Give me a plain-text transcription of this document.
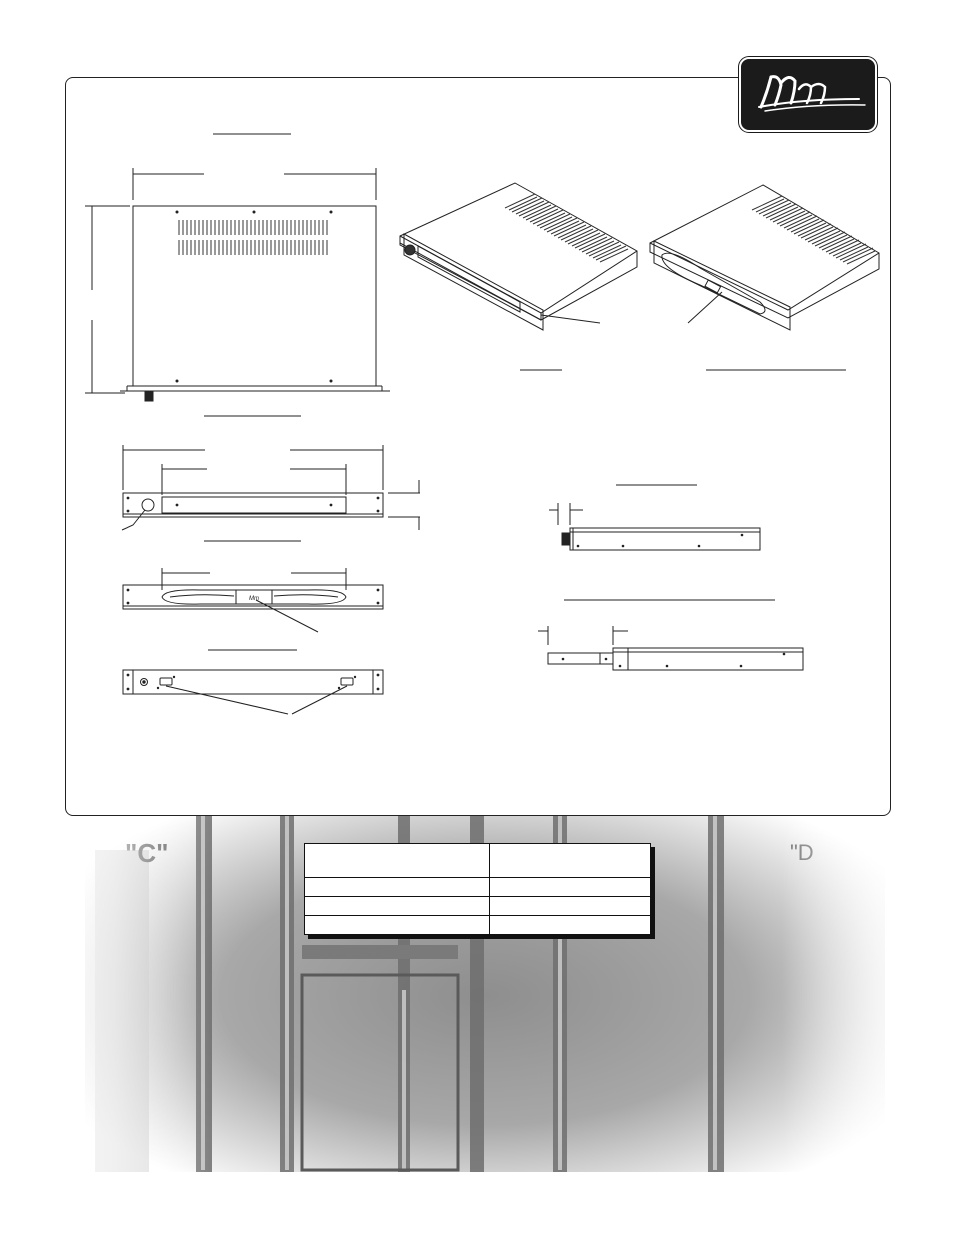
Mm
